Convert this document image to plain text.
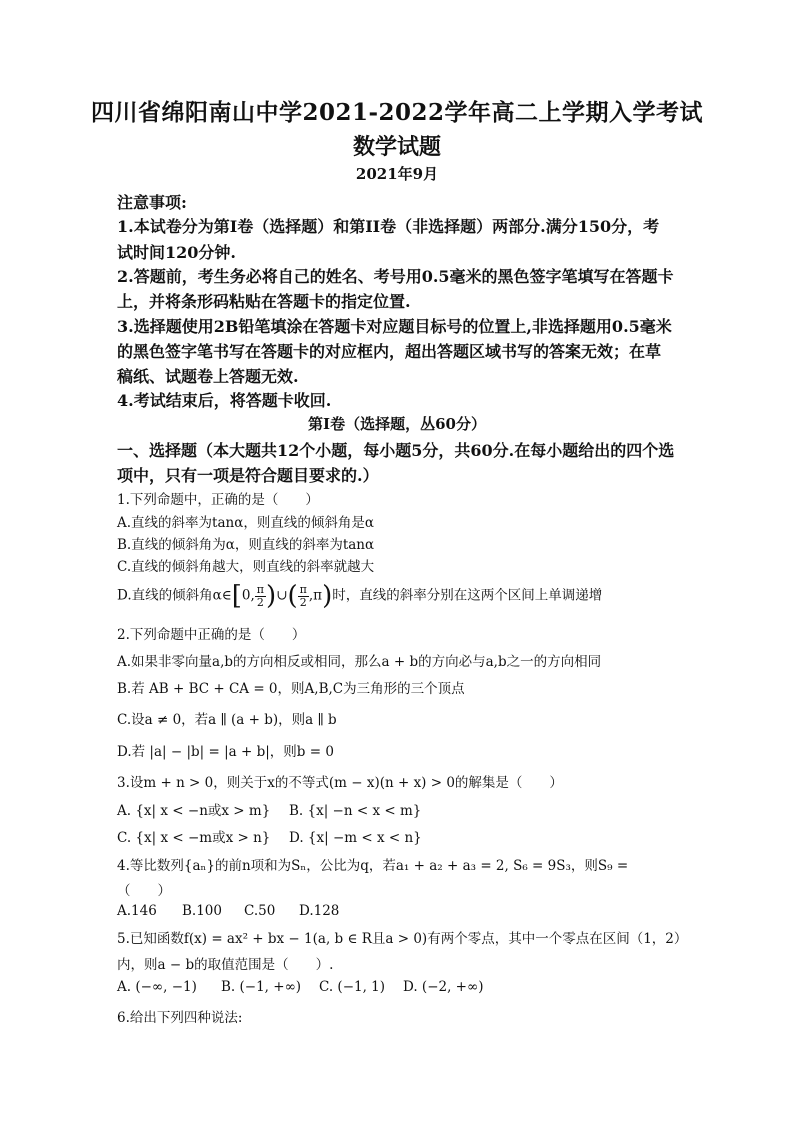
四川省绵阳南山中学2021-2022学年高二上学期入学考试
数学试题
2021年9月
注意事项:
1.本试卷分为第I卷（选择题）和第II卷（非选择题）两部分.满分150分，考
试时间120分钟.
2.答题前，考生务必将自己的姓名、考号用0.5毫米的黑色签字笔填写在答题卡
上，并将条形码粘贴在答题卡的指定位置.
3.选择题使用2B铅笔填涂在答题卡对应题目标号的位置上,非选择题用0.5毫米
的黑色签字笔书写在答题卡的对应框内，超出答题区域书写的答案无效；在草
稿纸、试题卷上答题无效.
4.考试结束后，将答题卡收回.
第I卷（选择题，丛60分）
一、选择题（本大题共12个小题，每小题5分，共60分.在每小题给出的四个选
项中，只有一项是符合题目要求的.）
1.下列命题中，正确的是（　　）
A.直线的斜率为tanα，则直线的倾斜角是α
B.直线的倾斜角为α，则直线的斜率为tanα
C.直线的倾斜角越大，则直线的斜率就越大
D.直线的倾斜角α∈[0, $\frac{\pi}{2}$ )∪( $\frac{\pi}{2} ,\pi$)时，直线的斜率分别在这两个区间上单调递增
2.下列命题中正确的是（　　）
A.如果非零向量a,b的方向相反或相同，那么a + b的方向必与a,b之一的方向相同
B.若 AB + BC + CA = 0，则A,B,C为三角形的三个顶点
C.设a ≠ 0，若a ∥ (a + b)，则a ∥ b
D.若 |a| − |b| = |a + b|，则b = 0
3.设m + n > 0，则关于x的不等式(m − x)(n + x) > 0的解集是（　　）
A. {x| x < −n或x > m} B. {x| −n < x < m}
C. {x| x < −m或x > n} D. {x| −m < x < n}
4.等比数列{aₙ}的前n项和为Sₙ，公比为q，若a₁ + a₂ + a₃ = 2, S₆ = 9S₃，则S₉ =
（　　）
A.146 B.100 C.50 D.128
5.已知函数f(x) = ax² + bx − 1(a, b ∈ R且a > 0)有两个零点，其中一个零点在区间（1，2）
内，则a − b的取值范围是（　　）.
A. (−∞, −1) B. (−1, +∞) C. (−1, 1) D. (−2, +∞)
6.给出下列四种说法:
